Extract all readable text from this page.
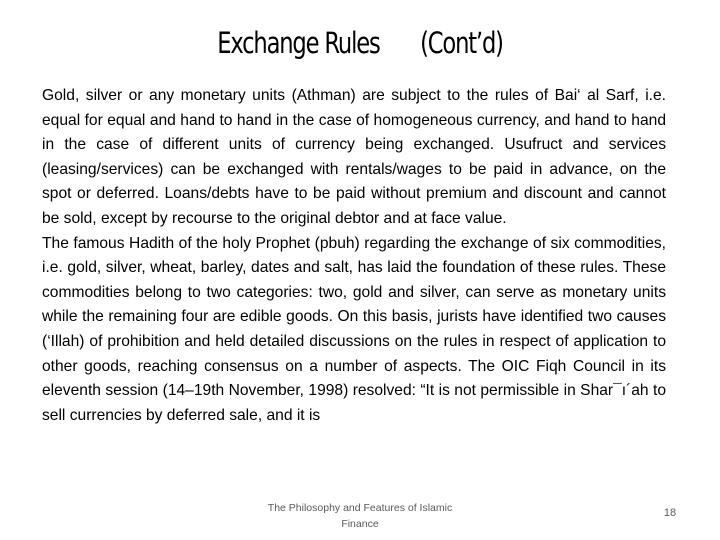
Exchange Rules (Cont’d)

Gold, silver or any monetary units (Athman) are subject to the rules of Bai‘ al Sarf, i.e. equal for equal and hand to hand in the case of homogeneous currency, and hand to hand in the case of different units of currency being exchanged. Usufruct and services (leasing/services) can be exchanged with rentals/wages to be paid in advance, on the spot or deferred. Loans/debts have to be paid without premium and discount and cannot be sold, except by recourse to the original debtor and at face value.

The famous Hadith of the holy Prophet (pbuh) regarding the exchange of six commodities, i.e. gold, silver, wheat, barley, dates and salt, has laid the foundation of these rules. These commodities belong to two categories: two, gold and silver, can serve as monetary units while the remaining four are edible goods. On this basis, jurists have identified two causes (‘Illah) of prohibition and held detailed discussions on the rules in respect of application to other goods, reaching consensus on a number of aspects. The OIC Fiqh Council in its eleventh session (14–19th November, 1998) resolved: “It is not permissible in Shar¯ı´ah to sell currencies by deferred sale, and it is

The Philosophy and Features of Islamic Finance
18
